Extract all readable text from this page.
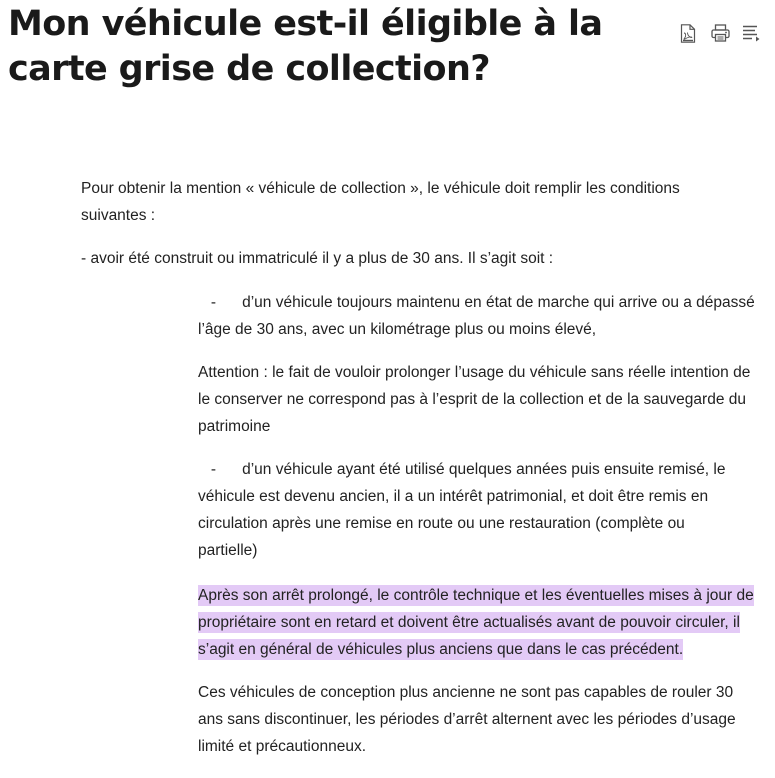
Mon véhicule est-il éligible à la carte grise de collection?

Pour obtenir la mention « véhicule de collection », le véhicule doit remplir les conditions suivantes :

- avoir été construit ou immatriculé il y a plus de 30 ans. Il s’agit soit :

- d’un véhicule toujours maintenu en état de marche qui arrive ou a dépassé l’âge de 30 ans, avec un kilométrage plus ou moins élevé,

Attention : le fait de vouloir prolonger l’usage du véhicule sans réelle intention de le conserver ne correspond pas à l’esprit de la collection et de la sauvegarde du patrimoine

- d’un véhicule ayant été utilisé quelques années puis ensuite remisé, le véhicule est devenu ancien, il a un intérêt patrimonial, et doit être remis en circulation après une remise en route ou une restauration (complète ou partielle)

Après son arrêt prolongé, le contrôle technique et les éventuelles mises à jour de propriétaire sont en retard et doivent être actualisés avant de pouvoir circuler, il s’agit en général de véhicules plus anciens que dans le cas précédent.

Ces véhicules de conception plus ancienne ne sont pas capables de rouler 30 ans sans discontinuer, les périodes d’arrêt alternent avec les périodes d’usage limité et précautionneux.
